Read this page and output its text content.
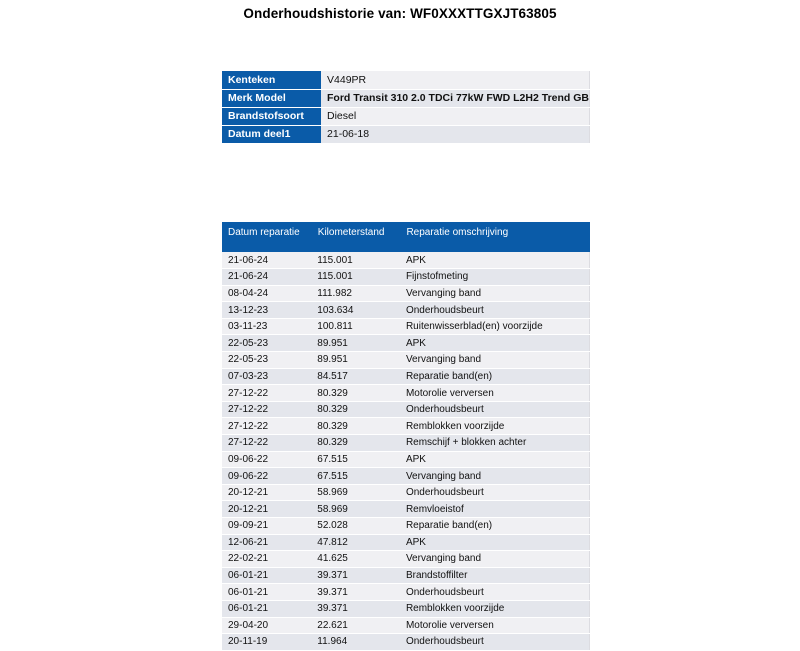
Onderhoudshistorie van: WF0XXXTTGXJT63805
Kenteken	V449PR
Merk Model	Ford Transit 310 2.0 TDCi 77kW FWD L2H2 Trend GB
Brandstofsoort	Diesel
Datum deel1	21-06-18
Datum reparatie	Kilometerstand	Reparatie omschrijving
21-06-24	115.001	APK
21-06-24	115.001	Fijnstofmeting
08-04-24	111.982	Vervanging band
13-12-23	103.634	Onderhoudsbeurt
03-11-23	100.811	Ruitenwisserblad(en) voorzijde
22-05-23	89.951	APK
22-05-23	89.951	Vervanging band
07-03-23	84.517	Reparatie band(en)
27-12-22	80.329	Motorolie verversen
27-12-22	80.329	Onderhoudsbeurt
27-12-22	80.329	Remblokken voorzijde
27-12-22	80.329	Remschijf + blokken achter
09-06-22	67.515	APK
09-06-22	67.515	Vervanging band
20-12-21	58.969	Onderhoudsbeurt
20-12-21	58.969	Remvloeistof
09-09-21	52.028	Reparatie band(en)
12-06-21	47.812	APK
22-02-21	41.625	Vervanging band
06-01-21	39.371	Brandstoffilter
06-01-21	39.371	Onderhoudsbeurt
06-01-21	39.371	Remblokken voorzijde
29-04-20	22.621	Motorolie verversen
20-11-19	11.964	Onderhoudsbeurt
